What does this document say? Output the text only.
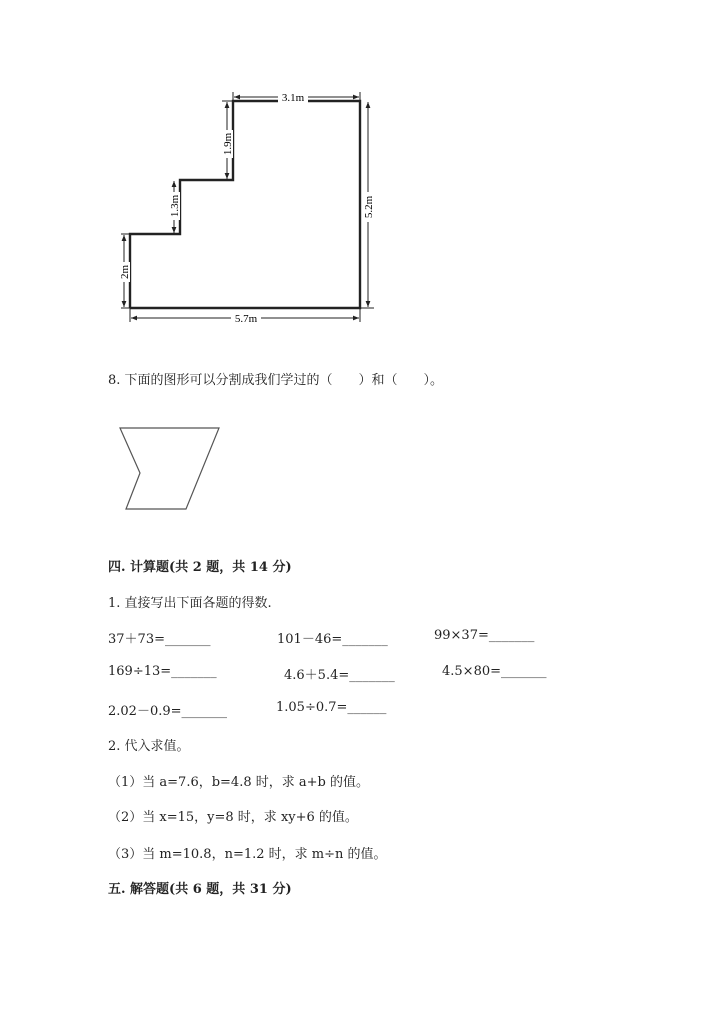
3.1m
1.9m
1.3m
2m
5.2m
5.7m
8. 下面的图形可以分割成我们学过的（　　）和（　　）。
四. 计算题(共 2 题，共 14 分)
1. 直接写出下面各题的得数.
37＋73=_______	101－46=_______	99×37=_______
169÷13=_______	4.6＋5.4=_______	4.5×80=_______
2.02－0.9=_______	1.05÷0.7=______
2. 代入求值。
（1）当 a=7.6，b=4.8 时，求 a+b 的值。
（2）当 x=15，y=8 时，求 xy+6 的值。
（3）当 m=10.8，n=1.2 时，求 m÷n 的值。
五. 解答题(共 6 题，共 31 分)
